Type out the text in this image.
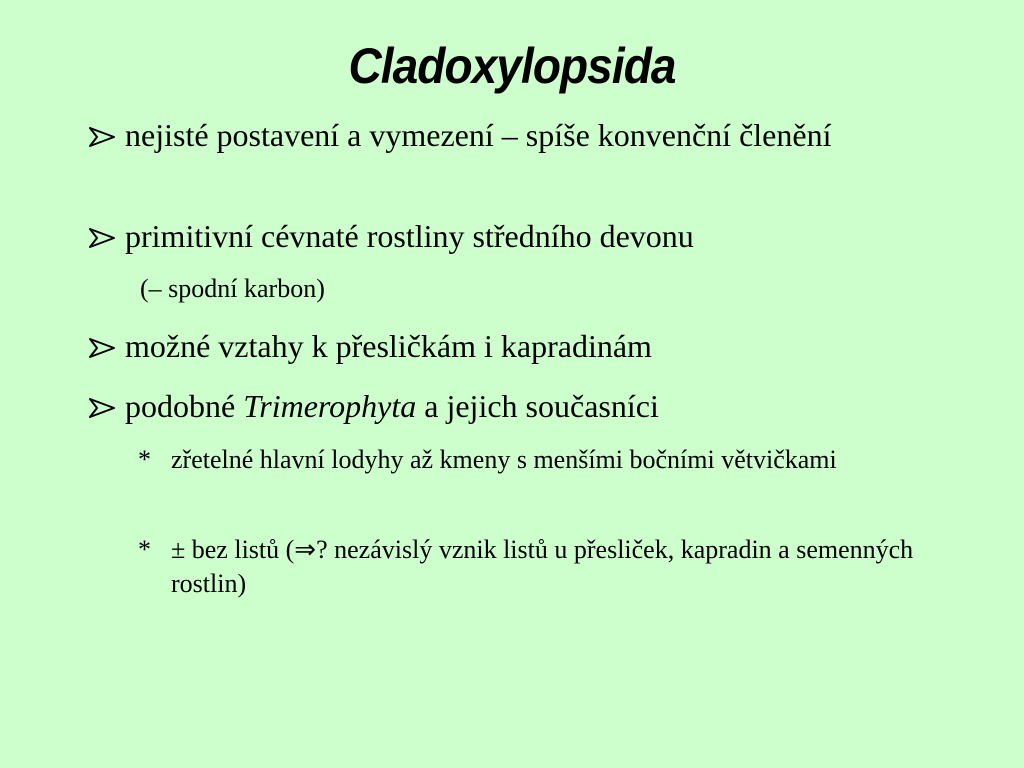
Cladoxylopsida
nejisté postavení a vymezení – spíše konvenční členění
primitivní cévnaté rostliny středního devonu
(– spodní karbon)
možné vztahy k přesličkám i kapradinám
podobné Trimerophyta a jejich současníci
* zřetelné hlavní lodyhy až kmeny s menšími bočními větvičkami
* ± bez listů (⇒? nezávislý vznik listů u přesliček, kapradin a semenných rostlin)
